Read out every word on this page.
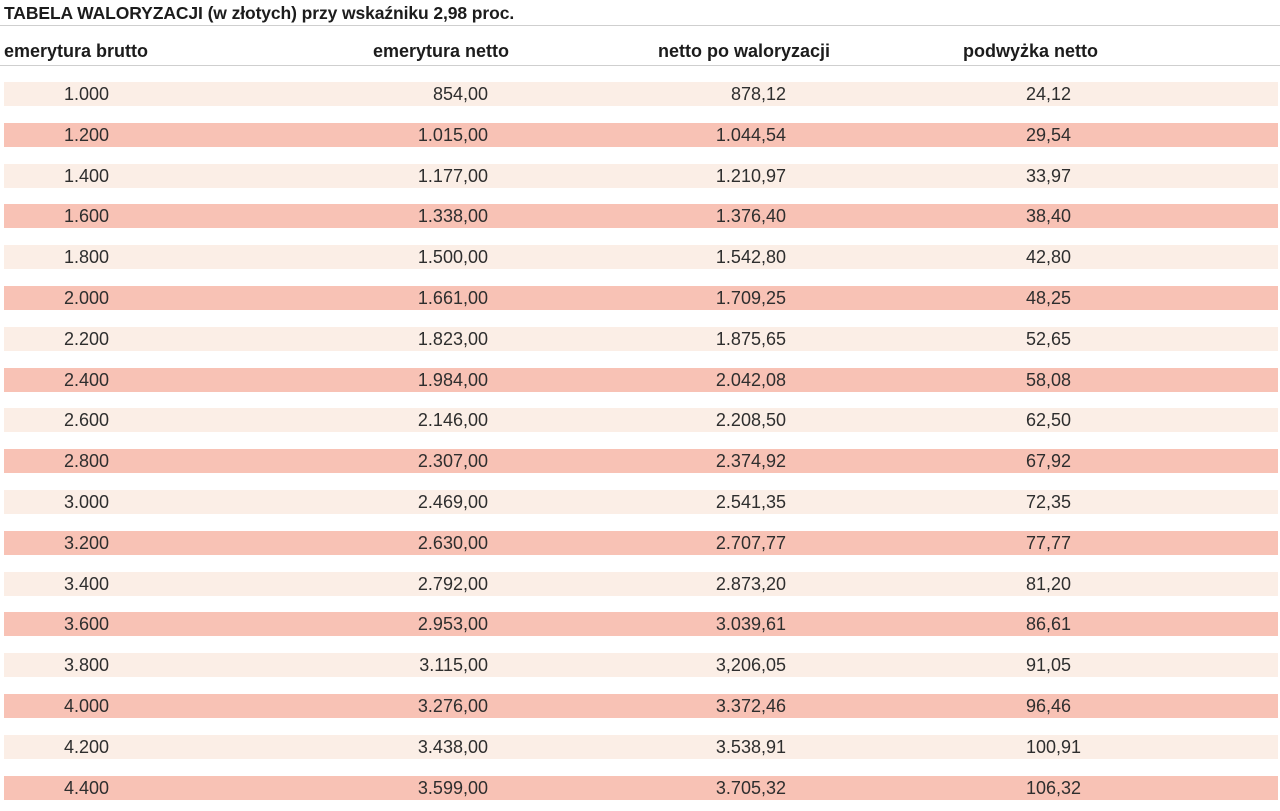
TABELA WALORYZACJI (w złotych) przy wskaźniku 2,98 proc.
emerytura brutto	emerytura netto	netto po waloryzacji	podwyżka netto
1.000	854,00	878,12	24,12
1.200	1.015,00	1.044,54	29,54
1.400	1.177,00	1.210,97	33,97
1.600	1.338,00	1.376,40	38,40
1.800	1.500,00	1.542,80	42,80
2.000	1.661,00	1.709,25	48,25
2.200	1.823,00	1.875,65	52,65
2.400	1.984,00	2.042,08	58,08
2.600	2.146,00	2.208,50	62,50
2.800	2.307,00	2.374,92	67,92
3.000	2.469,00	2.541,35	72,35
3.200	2.630,00	2.707,77	77,77
3.400	2.792,00	2.873,20	81,20
3.600	2.953,00	3.039,61	86,61
3.800	3.115,00	3,206,05	91,05
4.000	3.276,00	3.372,46	96,46
4.200	3.438,00	3.538,91	100,91
4.400	3.599,00	3.705,32	106,32
